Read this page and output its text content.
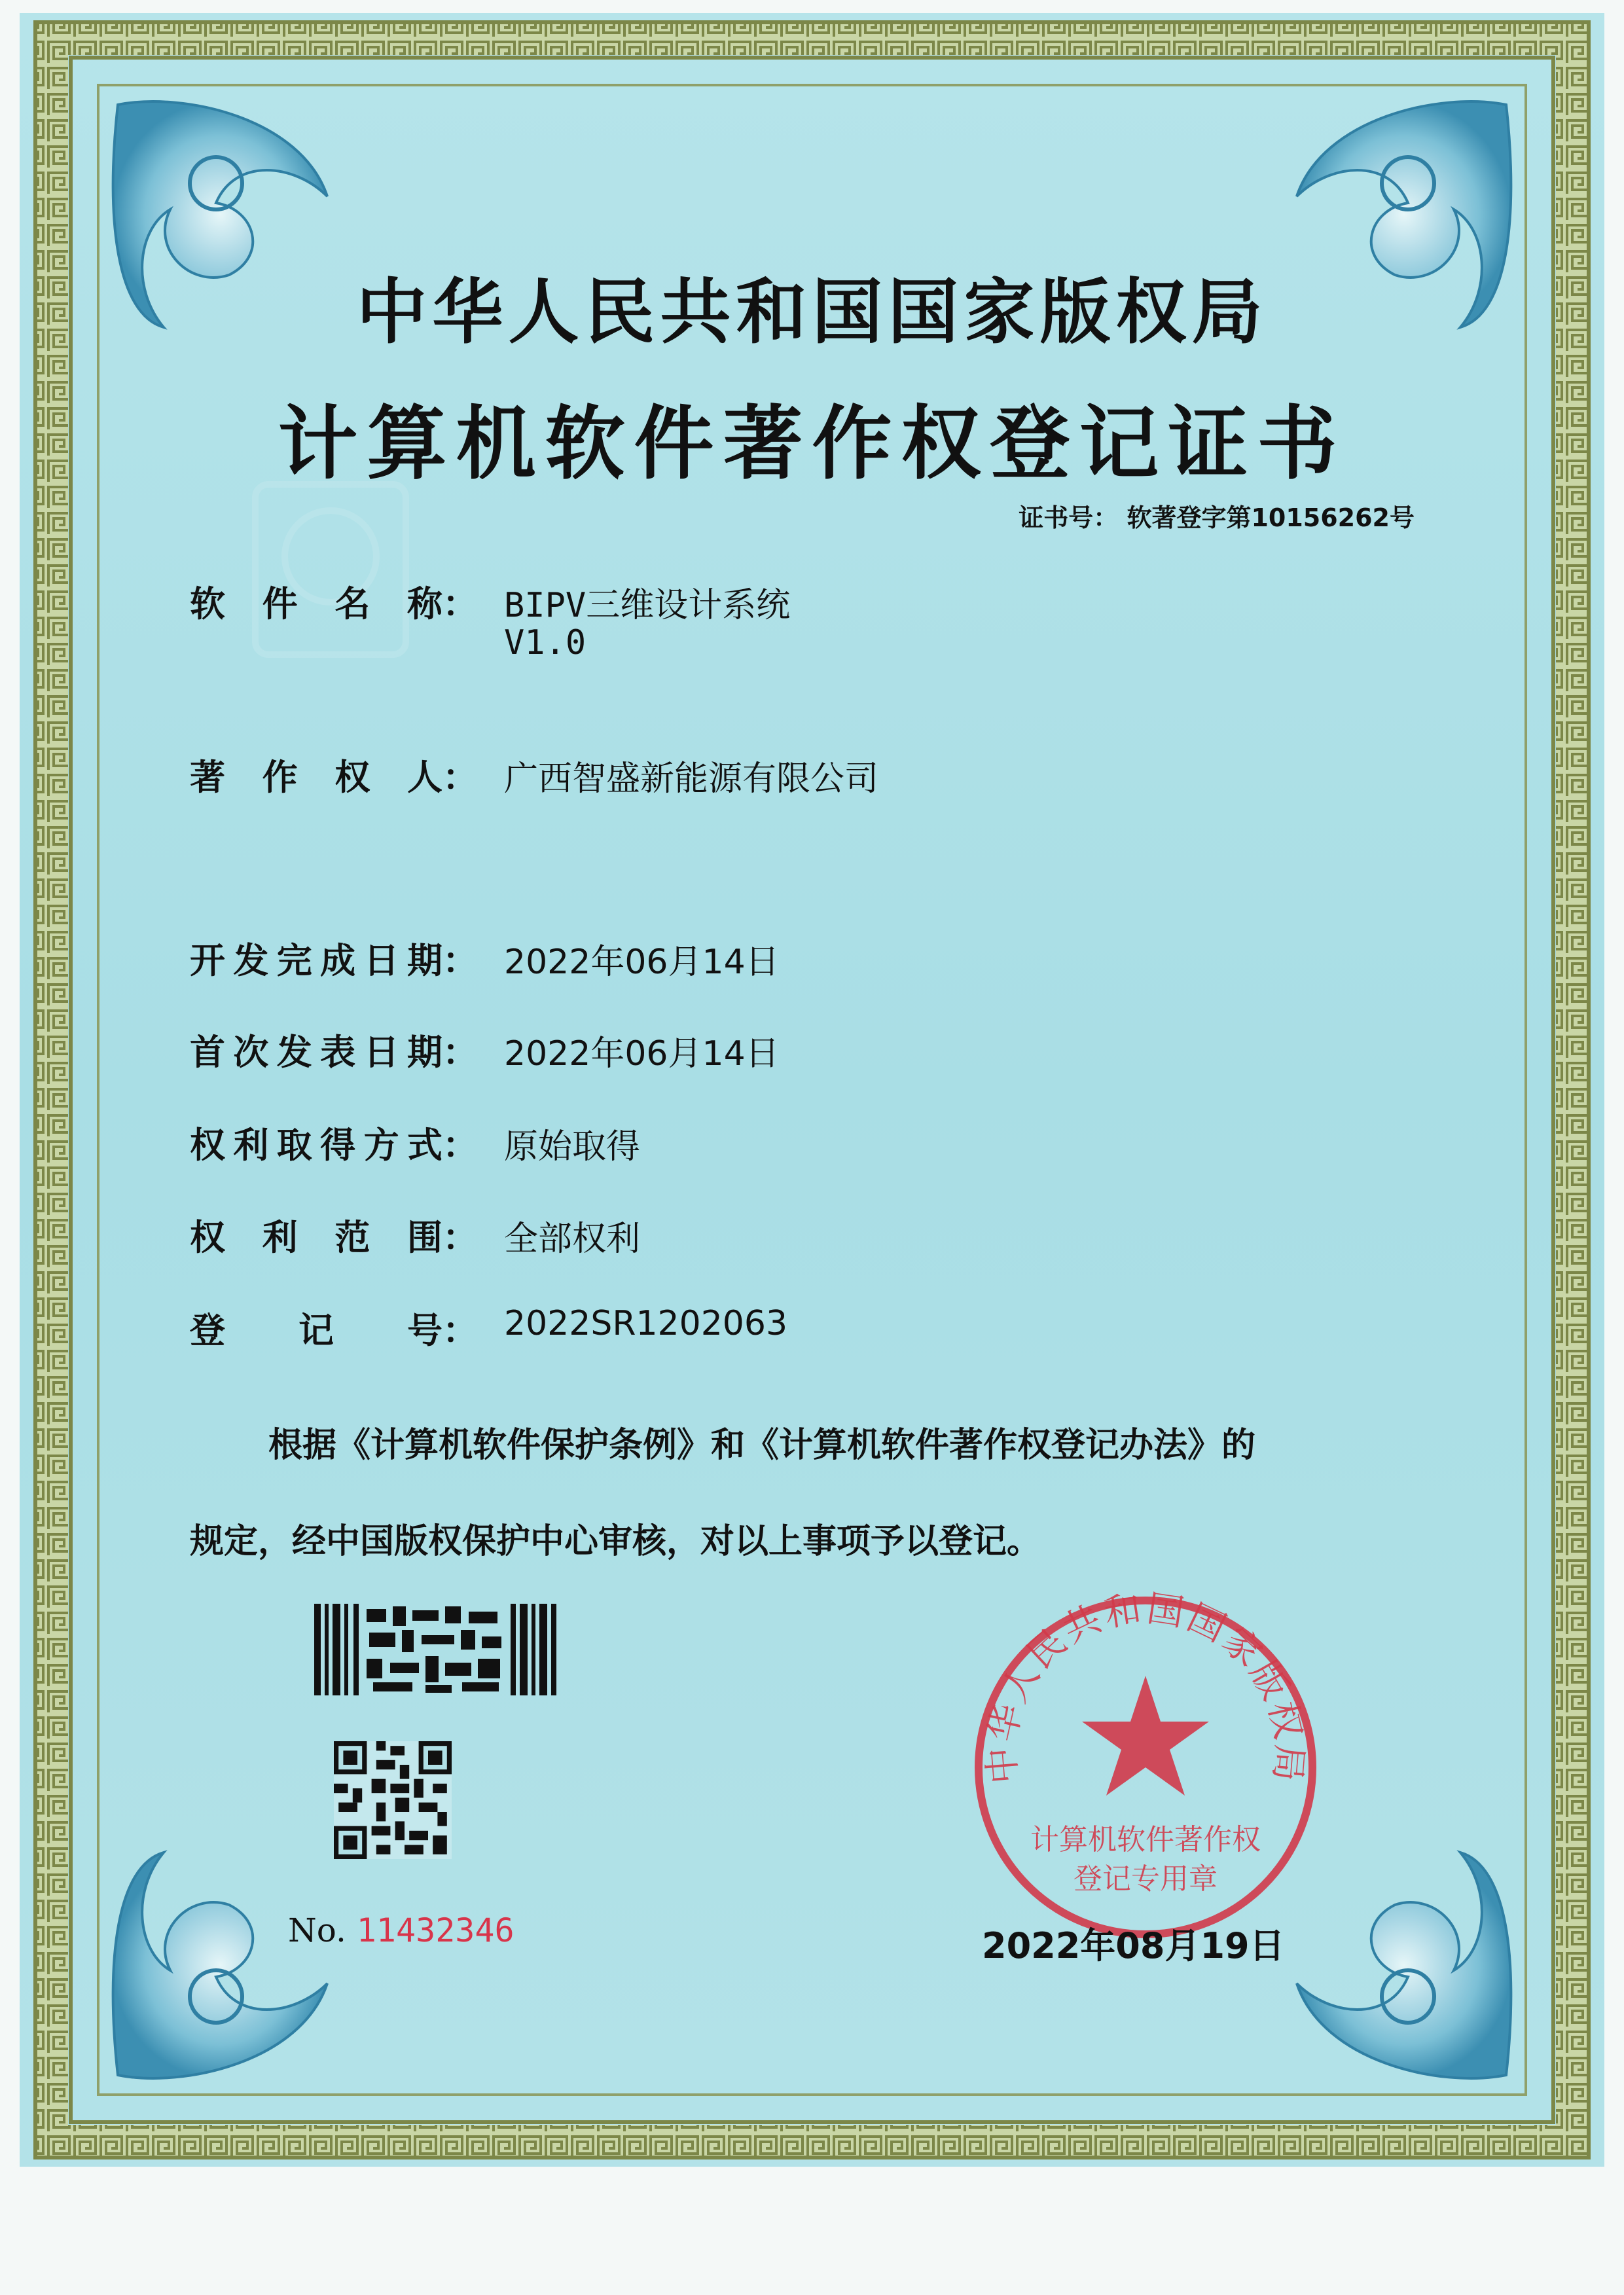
中华人民共和国国家版权局
计算机软件著作权登记证书
证书号： 软著登字第10156262号
软 件 名 称： BIPV三维设计系统
V1.0
著 作 权 人： 广西智盛新能源有限公司
开 发 完 成 日 期： 2022年06月14日
首 次 发 表 日 期： 2022年06月14日
权 利 取 得 方 式： 原始取得
权 利 范 围： 全部权利
登 记 号： 2022SR1202063
根据《计算机软件保护条例》和《计算机软件著作权登记办法》的
规定，经中国版权保护中心审核，对以上事项予以登记。
No. 11432346
中华人民共和国国家版权局
计算机软件著作权
登记专用章
2022年08月19日
